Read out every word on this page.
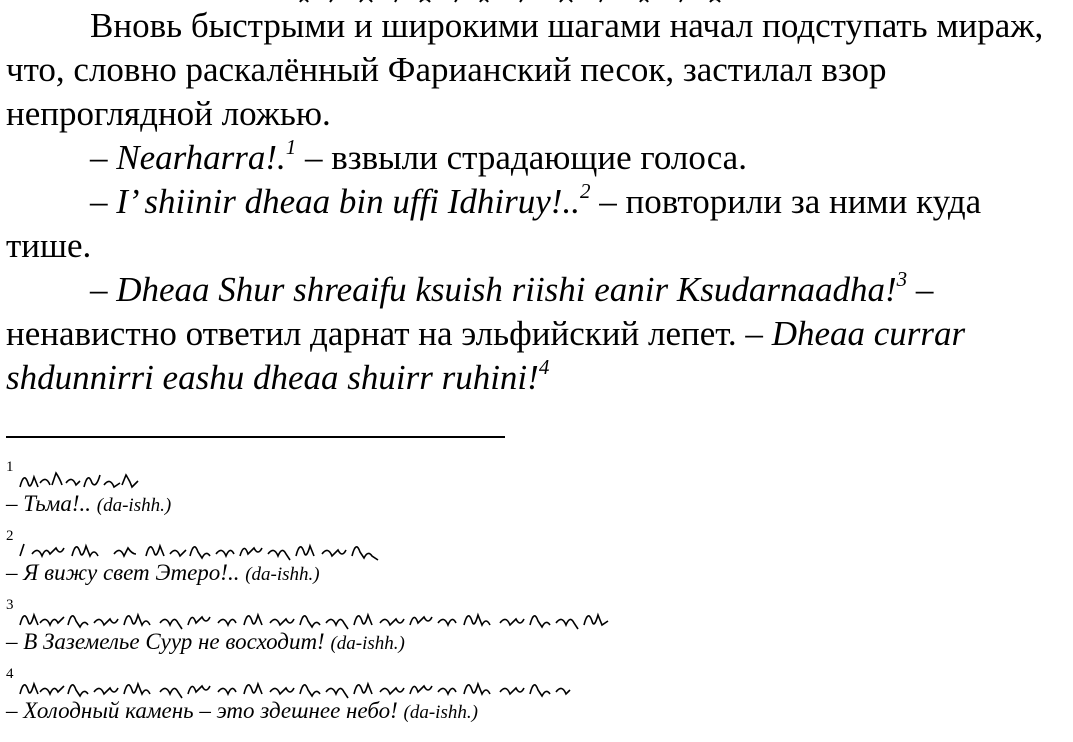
Вновь быстрыми и широкими шагами начал подступать мираж, что, словно раскалённый Фарианский песок, застилал взор непроглядной ложью.

– Nearharra!.$^1$ – взвыли страдающие голоса.

– I’ shiinir dheaa bin uffi Idhiruy!..$^2$ – повторили за ними куда тише.

– Dheaa Shur shreaifu ksuish riishi eanir Ksudarnaadha!$^3$ – ненавистно ответил дарнат на эльфийский лепет. – Dheaa currar shdunnirri eashu dheaa shuirr ruhini!$^4$

1
– Тьма!.. (da-ishh.)
2
– Я вижу свет Этеро!.. (da-ishh.)
3
– В Заземелье Суур не восходит! (da-ishh.)
4
– Холодный камень – это здешнее небо! (da-ishh.)
